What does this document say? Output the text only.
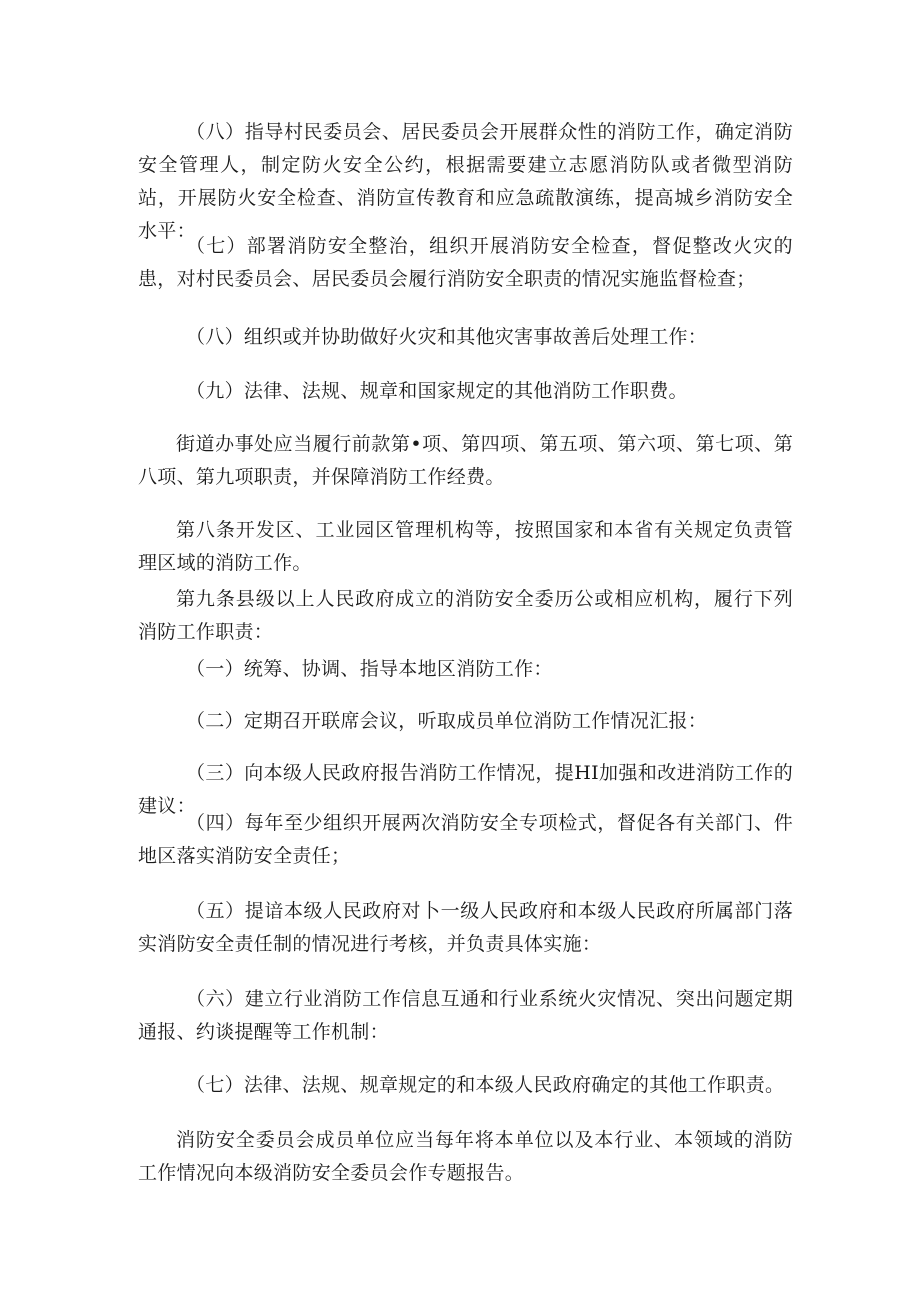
（八）指导村民委员会、居民委员会开展群众性的消防工作，确定消防安全管理人，制定防火安全公约，根据需要建立志愿消防队或者微型消防站，开展防火安全检查、消防宣传教育和应急疏散演练，提高城乡消防安全水平：

（七）部署消防安全整治，组织开展消防安全检查，督促整改火灾的患，对村民委员会、居民委员会履行消防安全职责的情况实施监督检查；

（八）组织或并协助做好火灾和其他灾害事故善后处理工作：

（九）法律、法规、规章和国家规定的其他消防工作职费。

街道办事处应当履行前款第•项、第四项、第五项、第六项、第七项、第八项、第九项职责，并保障消防工作经费。

第八条开发区、工业园区管理机构等，按照国家和本省有关规定负责管理区域的消防工作。

第九条县级以上人民政府成立的消防安全委历公或相应机构，履行下列消防工作职责：

（一）统筹、协调、指导本地区消防工作：

（二）定期召开联席会议，听取成员单位消防工作情况汇报：

（三）向本级人民政府报告消防工作情况，提HI加强和改进消防工作的建议：

（四）每年至少组织开展两次消防安全专项检式，督促各有关部门、件地区落实消防安全责任；

（五）提谙本级人民政府对卜一级人民政府和本级人民政府所属部门落实消防安全责任制的情况进行考核，并负责具体实施：

（六）建立行业消防工作信息互通和行业系统火灾情况、突出问题定期通报、约谈提醒等工作机制：

（七）法律、法规、规章规定的和本级人民政府确定的其他工作职责。

消防安全委员会成员单位应当每年将本单位以及本行业、本领域的消防工作情况向本级消防安全委员会作专题报告。
